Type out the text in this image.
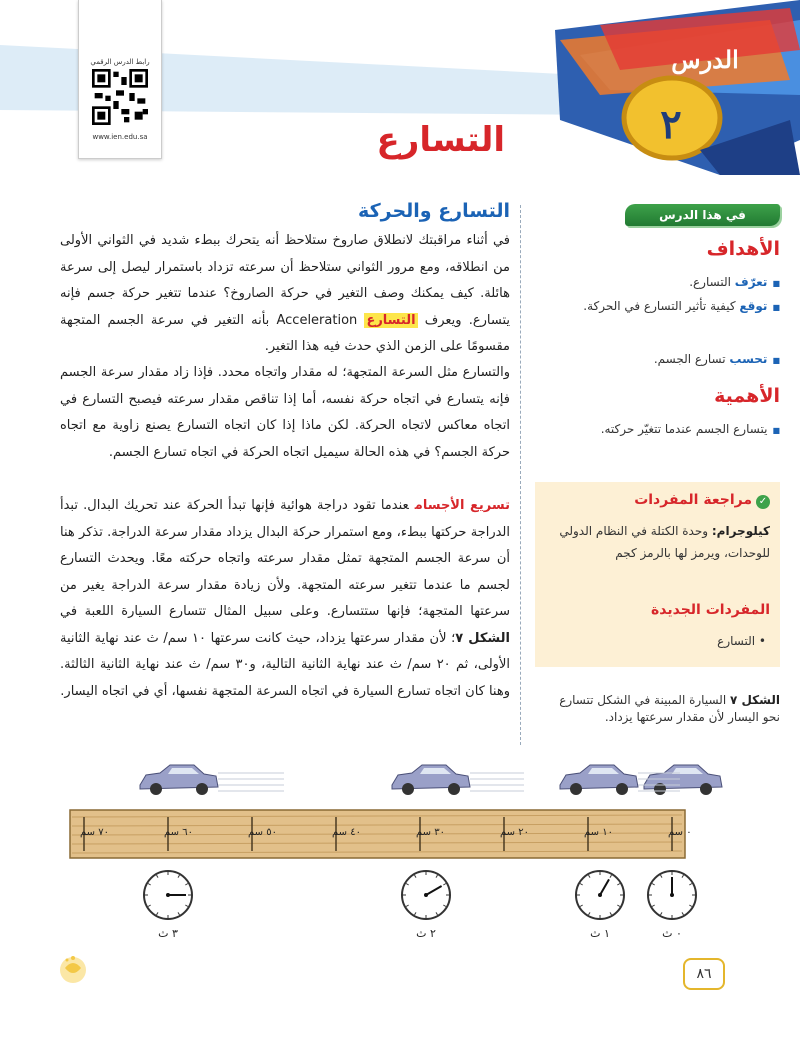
الدرس
٢
رابط الدرس الرقمي
www.ien.edu.sa	التسارع
في هذا الدرس
الأهداف
■ تعرّف التسارع.
■ توقع كيفية تأثير التسارع في الحركة.
■ تحسب تسارع الجسم.
الأهمية
■ يتسارع الجسم عندما تتغيّر حركته.
✓مراجعة المفردات
كيلوجرام: وحدة الكتلة في النظام الدولي للوحدات، ويرمز لها بالرمز كجم
المفردات الجديدة
• التسارع
الشكل ٧ السيارة المبينة في الشكل تتسارع نحو اليسار لأن مقدار سرعتها يزداد.
التسارع والحركة
في أثناء مراقبتك لانطلاق صاروخ ستلاحظ أنه يتحرك ببطء شديد في الثواني الأولى من انطلاقه، ومع مرور الثواني ستلاحظ أن سرعته تزداد باستمرار ليصل إلى سرعة هائلة. كيف يمكنك وصف التغير في حركة الصاروخ؟ عندما تتغير حركة جسم فإنه يتسارع. ويعرف التسارع Acceleration بأنه التغير في سرعة الجسم المتجهة مقسومًا على الزمن الذي حدث فيه هذا التغير.
والتسارع مثل السرعة المتجهة؛ له مقدار واتجاه محدد. فإذا زاد مقدار سرعة الجسم فإنه يتسارع في اتجاه حركة نفسه، أما إذا تناقص مقدار سرعته فيصبح التسارع في اتجاه معاكس لاتجاه الحركة. لكن ماذا إذا كان اتجاه التسارع يصنع زاوية مع اتجاه حركة الجسم؟ في هذه الحالة سيميل اتجاه الحركة في اتجاه تسارع الجسم.
تسريع الأجسامعندما تقود دراجة هوائية فإنها تبدأ الحركة عند تحريك البدال. تبدأ الدراجة حركتها ببطء، ومع استمرار حركة البدال يزداد مقدار سرعة الدراجة. تذكر هنا أن سرعة الجسم المتجهة تمثل مقدار سرعته واتجاه حركته معًا. ويحدث التسارع لجسم ما عندما تتغير سرعته المتجهة. ولأن زيادة مقدار سرعة الدراجة يغير من سرعتها المتجهة؛ فإنها ستتسارع. وعلى سبيل المثال تتسارع السيارة اللعبة في الشكل ٧؛ لأن مقدار سرعتها يزداد، حيث كانت سرعتها ١٠ سم/ ث عند نهاية الثانية الأولى، ثم ٢٠ سم/ ث عند نهاية الثانية التالية، و٣٠ سم/ ث عند نهاية الثانية الثالثة. وهنا كان اتجاه تسارع السيارة في اتجاه السرعة المتجهة نفسها، أي في اتجاه اليسار.
٠ سم
١٠ سم
٢٠ سم
٣٠ سم
٤٠ سم
٥٠ سم
٦٠ سم
٧٠ سم
٠ ث
١ ث
٢ ث
٣ ث
٨٦
